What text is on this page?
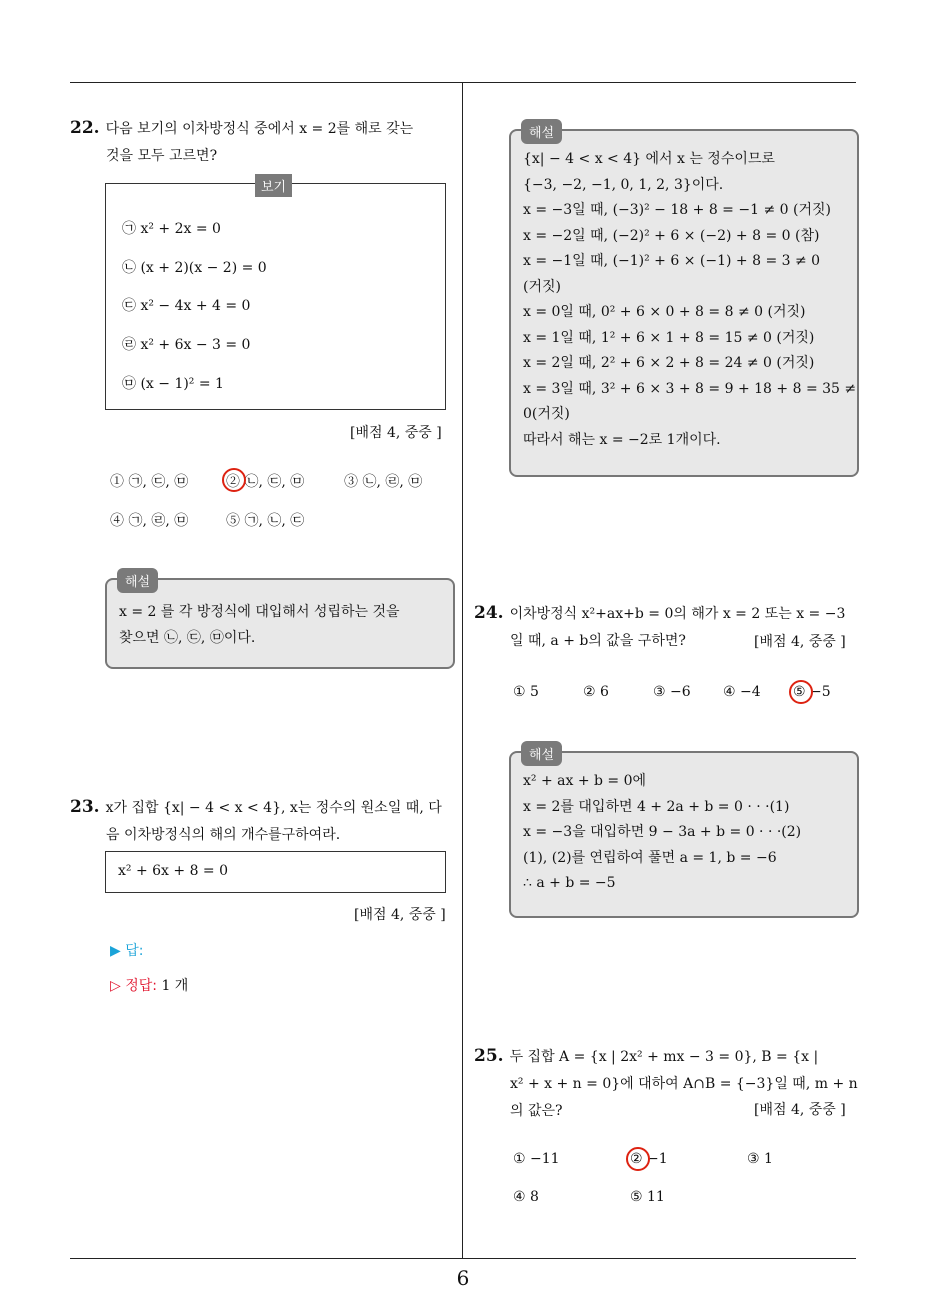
22. 다음 보기의 이차방정식 중에서 x = 2를 해로 갖는
것을 모두 고르면?
보기
㉠ x² + 2x = 0
㉡ (x + 2)(x − 2) = 0
㉢ x² − 4x + 4 = 0
㉣ x² + 6x − 3 = 0
㉤ (x − 1)² = 1
[배점 4, 중중 ]
① ㉠, ㉢, ㉤	② ㉡, ㉢, ㉤	③ ㉡, ㉣, ㉤
④ ㉠, ㉣, ㉤	⑤ ㉠, ㉡, ㉢
해설
x = 2 를 각 방정식에 대입해서 성립하는 것을
찾으면 ㉡, ㉢, ㉤이다.
23. x가 집합 {x| − 4 < x < 4}, x는 정수의 원소일 때, 다
음 이차방정식의 해의 개수를구하여라.
x² + 6x + 8 = 0
[배점 4, 중중 ]
▶ 답:
▷ 정답: 1 개
해설
{x| − 4 < x < 4} 에서 x 는 정수이므로
{−3, −2, −1, 0, 1, 2, 3}이다.
x = −3일 때, (−3)² − 18 + 8 = −1 ≠ 0 (거짓)
x = −2일 때, (−2)² + 6 × (−2) + 8 = 0 (참)
x = −1일 때, (−1)² + 6 × (−1) + 8 = 3 ≠ 0
(거짓)
x = 0일 때, 0² + 6 × 0 + 8 = 8 ≠ 0 (거짓)
x = 1일 때, 1² + 6 × 1 + 8 = 15 ≠ 0 (거짓)
x = 2일 때, 2² + 6 × 2 + 8 = 24 ≠ 0 (거짓)
x = 3일 때, 3² + 6 × 3 + 8 = 9 + 18 + 8 = 35 ≠
0(거짓)
따라서 해는 x = −2로 1개이다.
24. 이차방정식 x²+ax+b = 0의 해가 x = 2 또는 x = −3
일 때, a + b의 값을 구하면?	[배점 4, 중중 ]
① 5	② 6	③ −6 ④ −4 ⑤ −5
해설
x² + ax + b = 0에
x = 2를 대입하면 4 + 2a + b = 0 · · ·(1)
x = −3을 대입하면 9 − 3a + b = 0 · · ·(2)
(1), (2)를 연립하여 풀면 a = 1, b = −6
∴ a + b = −5
25. 두 집합 A = {x | 2x² + mx − 3 = 0}, B = {x |
x² + x + n = 0}에 대하여 A∩B = {−3}일 때, m + n
의 값은?	[배점 4, 중중 ]
① −11	② −1	③ 1
④ 8	⑤ 11
6
